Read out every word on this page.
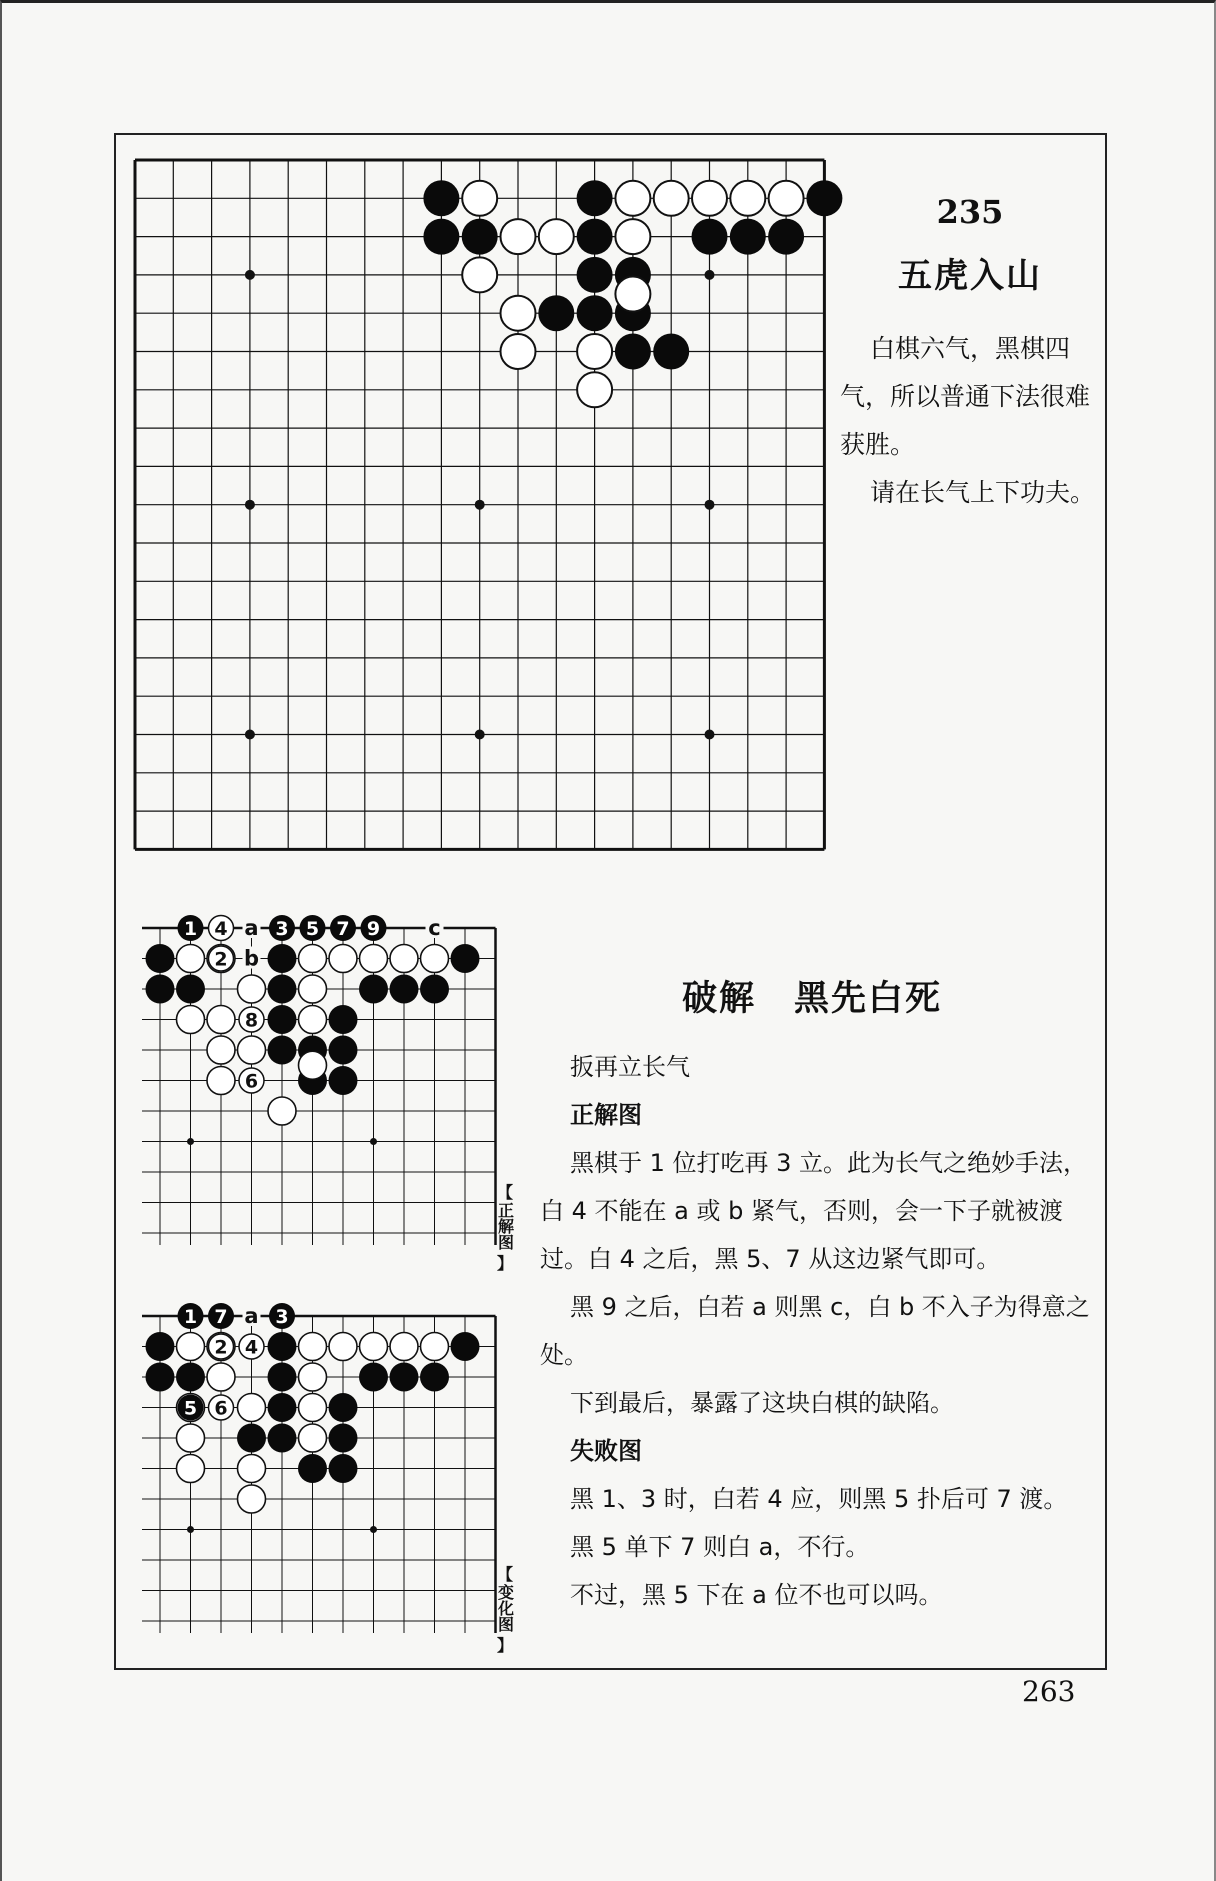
235
五虎入山

白棋六气，黑棋四气，所以普通下法很难获胜。

请在长气上下功夫。

1 4 a 3 5 7 9 c
2 b
8
6
【
正解图
】
1 7 a 3
2 4
5 6
【
变化图
】
破解 黑先白死

扳再立长气

正解图

黑棋于 1 位打吃再 3 立。此为长气之绝妙手法，白 4 不能在 a 或 b 紧气，否则，会一下子就被渡过。白 4 之后，黑 5、7 从这边紧气即可。

黑 9 之后，白若 a 则黑 c，白 b 不入子为得意之处。

下到最后，暴露了这块白棋的缺陷。

失败图

黑 1、3 时，白若 4 应，则黑 5 扑后可 7 渡。

黑 5 单下 7 则白 a，不行。

不过，黑 5 下在 a 位不也可以吗。

263
